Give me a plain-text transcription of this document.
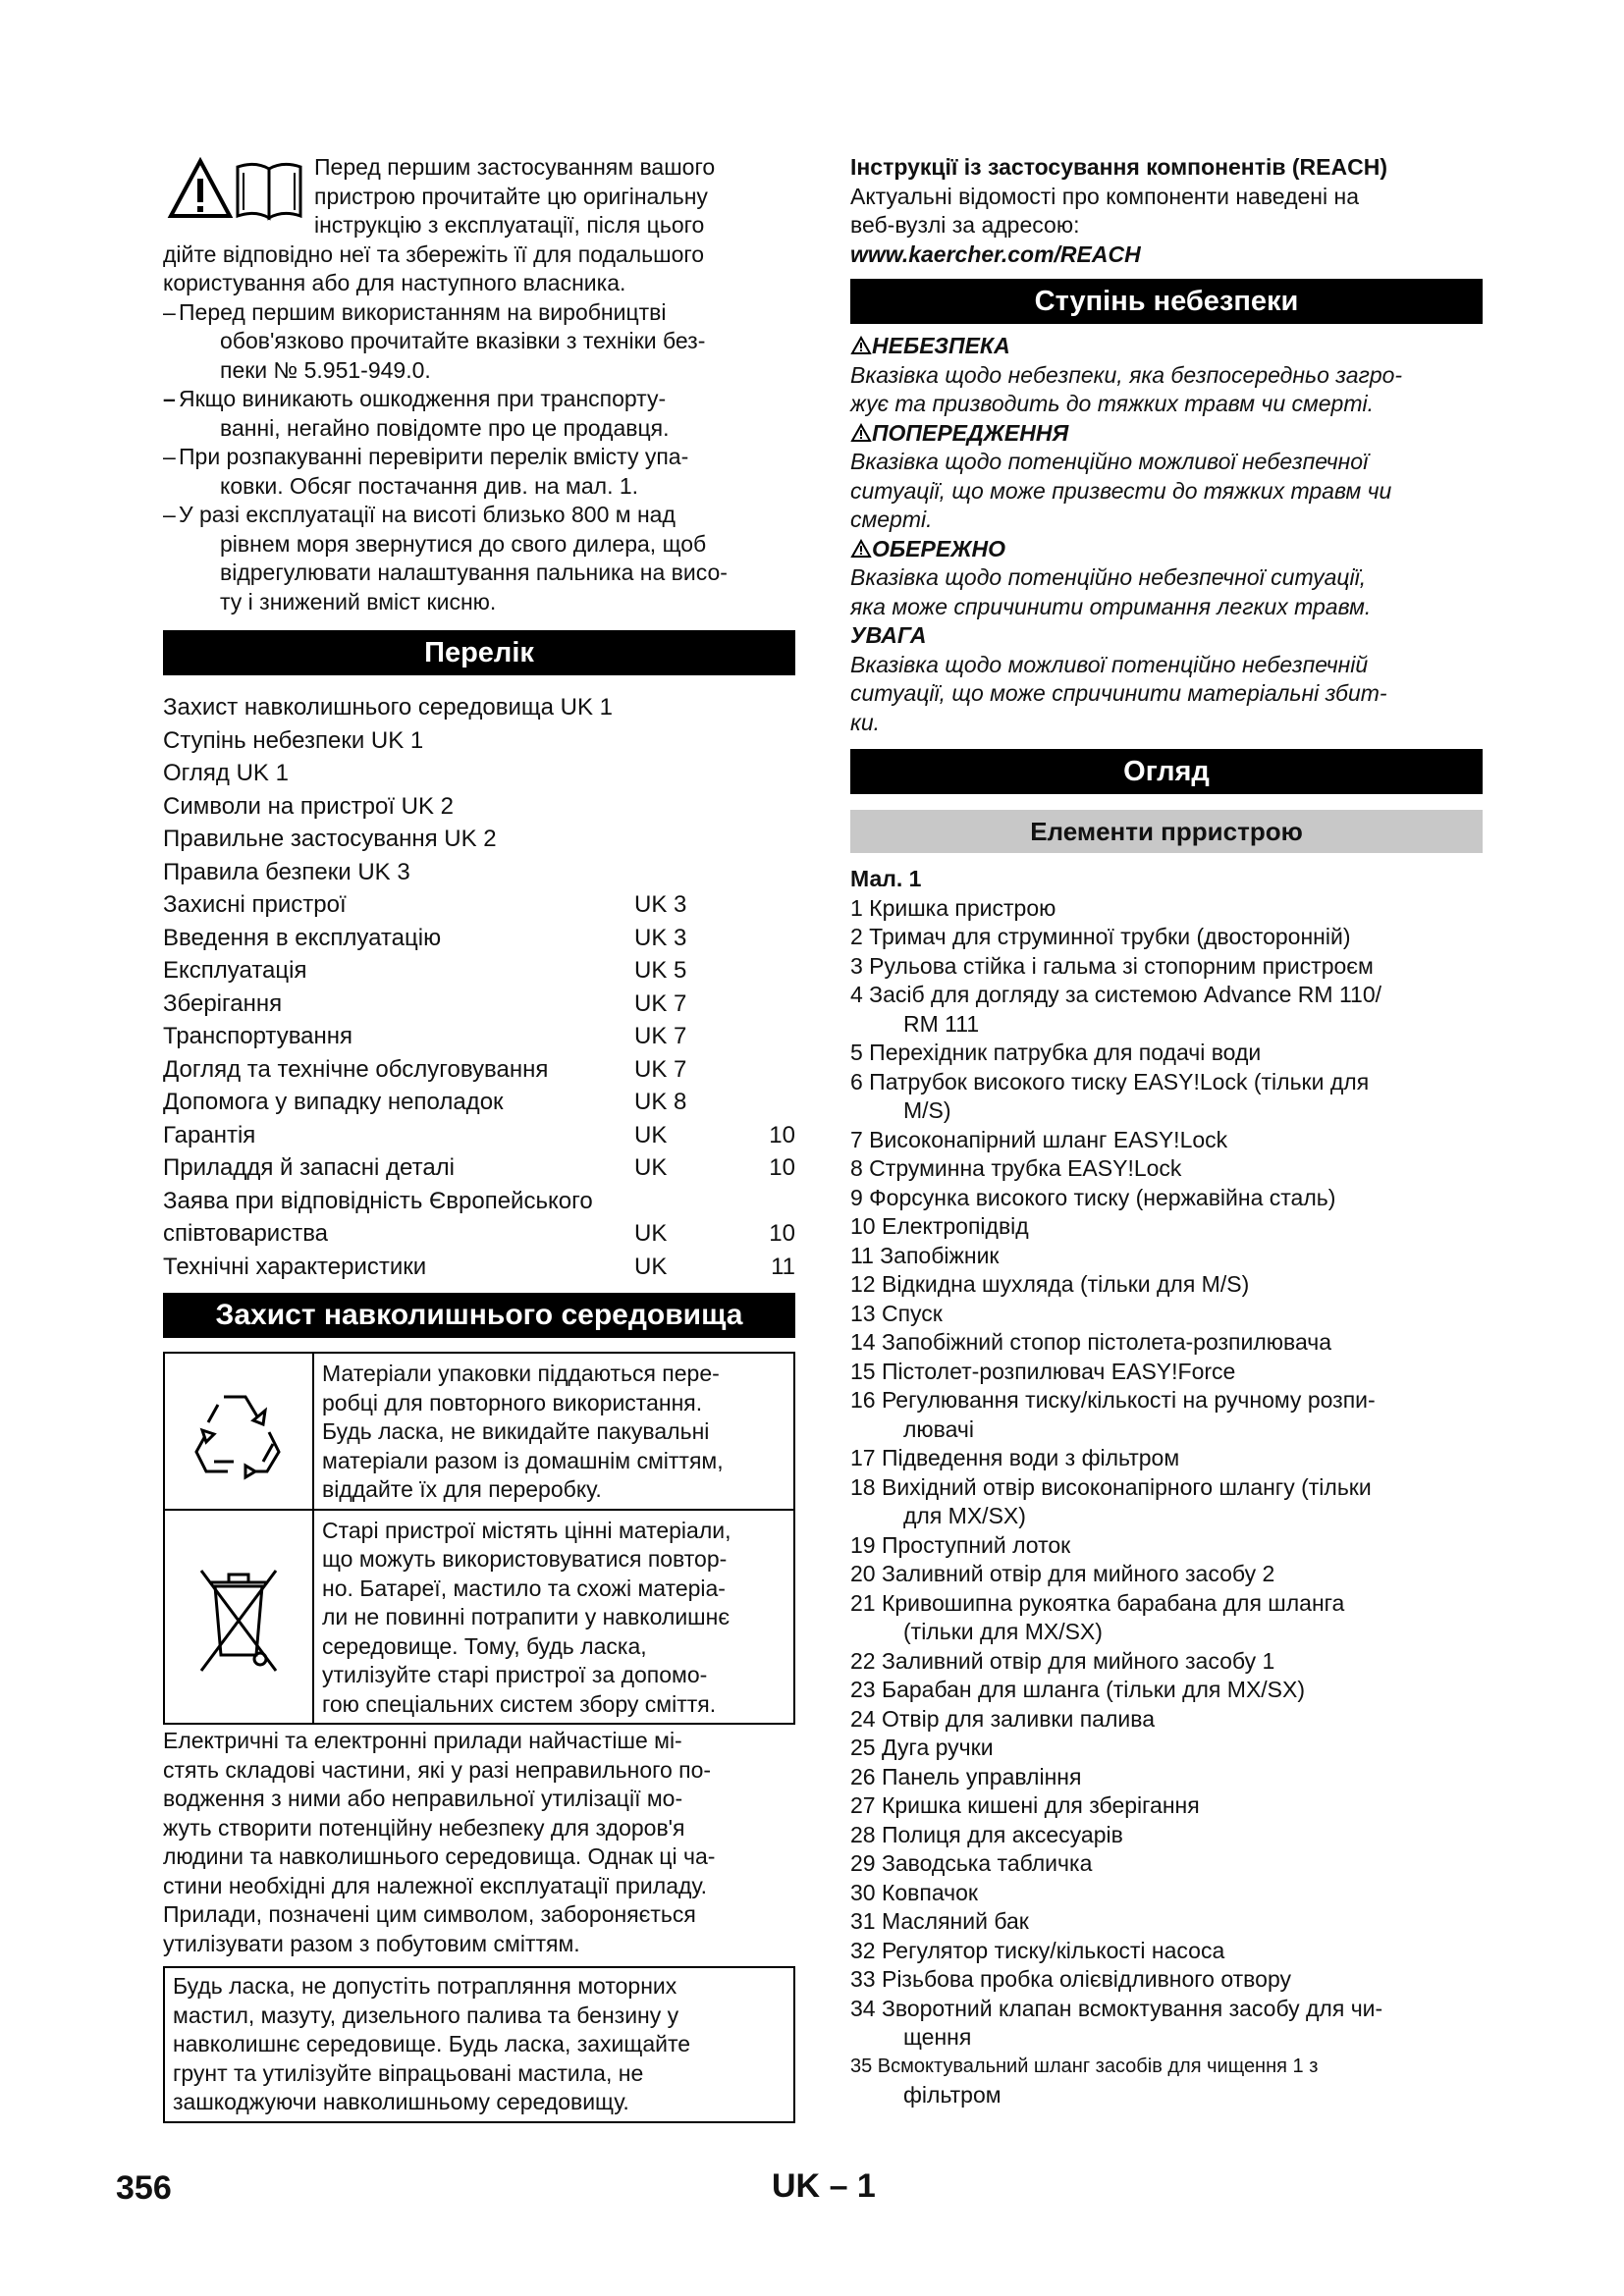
Перед першим застосуванням вашого

пристрою прочитайте цю оригінальну

інструкцію з експлуатації, після цього

дійте відповідно неї та збережіть її для подальшого

користування або для наступного власника.

– Перед першим використанням на виробництві
обов'язково прочитайте вказівки з техніки без-
пеки № 5.951-949.0.
– Якщо виникають ошкодження при транспорту-
ванні, негайно повідомте про це продавця.
– При розпакуванні перевірити перелік вмісту упа-
ковки. Обсяг постачання див. на мал. 1.
– У разі експлуатації на висоті близько 800 м над
рівнем моря звернутися до свого дилера, щоб
відрегулювати налаштування пальника на висо-
ту і знижений вміст кисню.
Перелік
Захист навколишнього середовища UK 1
Ступінь небезпеки UK 1
Огляд UK 1
Символи на пристрої UK 2
Правильне застосування UK 2
Правила безпеки UK 3
Захисні пристрої	UK 3
Введення в експлуатацію	UK 3
Експлуатація	UK 5
Зберігання	UK 7
Транспортування	UK 7
Догляд та технічне обслуговування	UK 7
Допомога у випадку неполадок	UK 8
Гарантія	UK	10
Приладдя й запасні деталі	UK	10
Заява при відповідність Європейського
співтовариства	UK	10
Технічні характеристики	UK	11
Захист навколишнього середовища

Матеріали упаковки піддаються пере-

робці для повторного використання.

Будь ласка, не викидайте пакувальні

матеріали разом із домашнім сміттям,

віддайте їх для переробку.

Старі пристрої містять цінні матеріали,

що можуть використовуватися повтор-

но. Батареї, мастило та схожі матеріа-

ли не повинні потрапити у навколишнє

середовище. Тому, будь ласка,

утилізуйте старі пристрої за допомо-

гою спеціальних систем збору сміття.

Електричні та електронні прилади найчастіше мі-

стять складові частини, які у разі неправильного по-

водження з ними або неправильної утилізації мо-

жуть створити потенційну небезпеку для здоров'я

людини та навколишнього середовища. Однак ці ча-

стини необхідні для належної експлуатації приладу.

Прилади, позначені цим символом, забороняється

утилізувати разом з побутовим сміттям.

Будь ласка, не допустіть потрапляння моторних

мастил, мазуту, дизельного палива та бензину у

навколишнє середовище. Будь ласка, захищайте

грунт та утилізуйте віпрацьовані мастила, не

зашкоджуючи навколишньому середовищу.

Інструкції із застосування компонентів (REACH)

Актуальні відомості про компоненти наведені на

веб-вузлі за адресою:

www.kaercher.com/REACH

Ступінь небезпеки

НЕБЕЗПЕКА

Вказівка щодо небезпеки, яка безпосередньо загро-

жує та призводить до тяжких травм чи смерті.

ПОПЕРЕДЖЕННЯ

Вказівка щодо потенційно можливої небезпечної

ситуації, що може призвести до тяжких травм чи

смерті.

ОБЕРЕЖНО

Вказівка щодо потенційно небезпечної ситуації,

яка може спричинити отримання легких травм.

УВАГА

Вказівка щодо можливої потенційно небезпечній

ситуації, що може спричинити матеріальні збит-

ки.

Огляд
Елементи прристрою

Мал. 1

1 Кришка пристрою
2 Тримач для струминної трубки (двосторонній)
3 Рульова стійка і гальма зі стопорним пристроєм
4 Засіб для догляду за системою Advance RM 110/
RM 111
5 Перехідник патрубка для подачі води
6 Патрубок високого тиску EASY!Lock (тільки для
M/S)
7 Високонапірний шланг EASY!Lock
8 Струминна трубка EASY!Lock
9 Форсунка високого тиску (нержавійна сталь)
10 Електропідвід
11 Запобіжник
12 Відкидна шухляда (тільки для M/S)
13 Спуск
14 Запобіжний стопор пістолета-розпилювача
15 Пістолет-розпилювач EASY!Force
16 Регулювання тиску/кількості на ручному розпи-
лювачі
17 Підведення води з фільтром
18 Вихідний отвір високонапірного шлангу (тільки
для MX/SX)
19 Проступний лоток
20 Заливний отвір для мийного засобу 2
21 Кривошипна рукоятка барабана для шланга
(тільки для MX/SX)
22 Заливний отвір для мийного засобу 1
23 Барабан для шланга (тільки для MX/SX)
24 Отвір для заливки палива
25 Дуга ручки
26 Панель управління
27 Кришка кишені для зберігання
28 Полиця для аксесуарів
29 Заводська табличка
30 Ковпачок
31 Масляний бак
32 Регулятор тиску/кількості насоса
33 Різьбова пробка олієвідливного отвору
34 Зворотний клапан всмоктування засобу для чи-
щення
35 Всмоктувальний шланг засобів для чищення 1 з
фільтром
356	UK – 1
